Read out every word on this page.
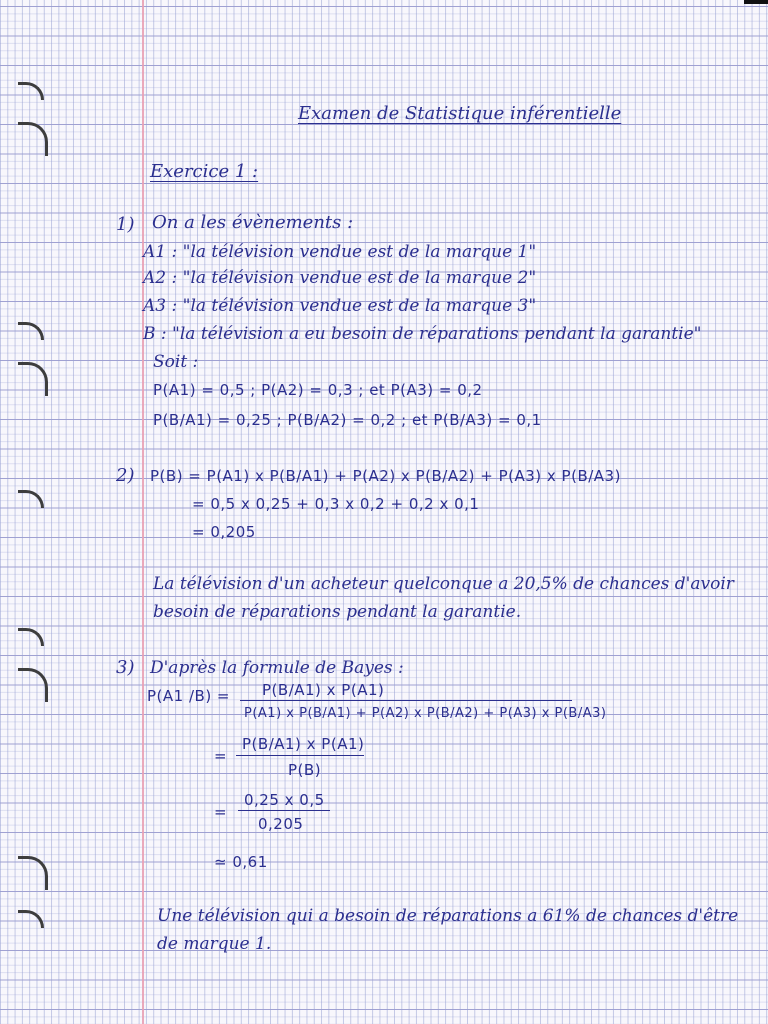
Examen de Statistique inférentielle
Exercice 1 :
1) On a les évènements :
A1 : "la télévision vendue est de la marque 1"
A2 : "la télévision vendue est de la marque 2"
A3 : "la télévision vendue est de la marque 3"
B : "la télévision a eu besoin de réparations pendant la garantie"
Soit :
P(A1) = 0,5 ; P(A2) = 0,3 ; et P(A3) = 0,2
P(B/A1) = 0,25 ; P(B/A2) = 0,2 ; et P(B/A3) = 0,1
2) P(B) = P(A1) x P(B/A1) + P(A2) x P(B/A2) + P(A3) x P(B/A3)
= 0,5 x 0,25 + 0,3 x 0,2 + 0,2 x 0,1
= 0,205
La télévision d'un acheteur quelconque a 20,5% de chances d'avoir
besoin de réparations pendant la garantie.
3) D'après la formule de Bayes :
P(A1 /B) = P(B/A1) x P(A1)
P(A1) x P(B/A1) + P(A2) x P(B/A2) + P(A3) x P(B/A3)
=
P(B/A1) x P(A1)
P(B)
=
0,25 x 0,5
0,205
≃ 0,61
Une télévision qui a besoin de réparations a 61% de chances d'être
de marque 1.
